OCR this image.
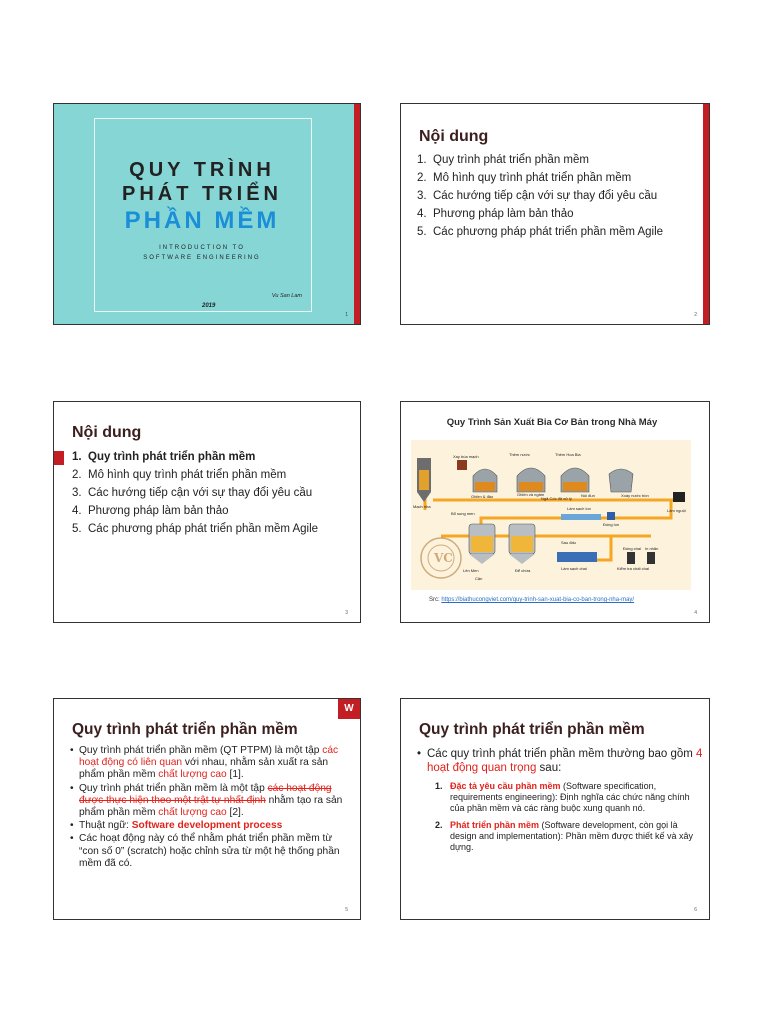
QUY TRÌNH
PHÁT TRIỂN
PHẦN MỀM
INTRODUCTION TO
SOFTWARE ENGINEERING
Vu San Lam
2019
1
Nội dung
1. Quy trình phát triển phần mềm
2. Mô hình quy trình phát triển phần mềm
3. Các hướng tiếp cận với sự thay đổi yêu cầu
4. Phương pháp làm bản thảo
5. Các phương pháp phát triển phần mềm Agile
2
Nội dung
1. Quy trình phát triển phần mềm
2. Mô hình quy trình phát triển phần mềm
3. Các hướng tiếp cận với sự thay đổi yêu cầu
4. Phương pháp làm bản thảo
5. Các phương pháp phát triển phần mềm Agile
3
Quy Trình Sản Xuất Bia Cơ Bản trong Nhà Máy
VC
Mạch nha
Xay bùa mạch	Thêm nước	Thêm Hoa Bia
Ghiền & đảo	Ghiền và ngâm
Ngã Cốc đã xử lý
Nồi đun	Xoáy nước tròn
Làm nguội
Bổ sung men
Làm sạch lon
Đóng lon
Sau đấu
Lên Men	Để chứa
Cặn
Làm sạch chai
Đóng chai In nhãn
Kiểm tra chất chai
Src: https://biathucongviet.com/quy-trinh-san-xuat-bia-co-ban-trong-nha-may/
4
Quy trình phát triển phần mềm
W
• Quy trình phát triển phần mềm (QT PTPM) là một tập các hoạt động có liên quan với nhau, nhằm sản xuất ra sản phẩm phần mềm chất lượng cao [1].
• Quy trình phát triển phần mềm là một tập các hoạt động được thực hiện theo một trật tự nhất định nhằm tạo ra sản phẩm phần mềm chất lượng cao [2].
• Thuật ngữ: Software development process
• Các hoạt động này có thể nhằm phát triển phần mềm từ “con số 0” (scratch) hoặc chỉnh sửa từ một hệ thống phần mềm đã có.
5
Quy trình phát triển phần mềm
• Các quy trình phát triển phần mềm thường bao gồm 4 hoạt động quan trọng sau:
1. Đặc tả yêu cầu phần mềm (Software specification, requirements engineering): Định nghĩa các chức năng chính của phần mềm và các ràng buộc xung quanh nó.
2. Phát triển phần mềm (Software development, còn gọi là design and implementation): Phần mềm được thiết kế và xây dựng.
6
